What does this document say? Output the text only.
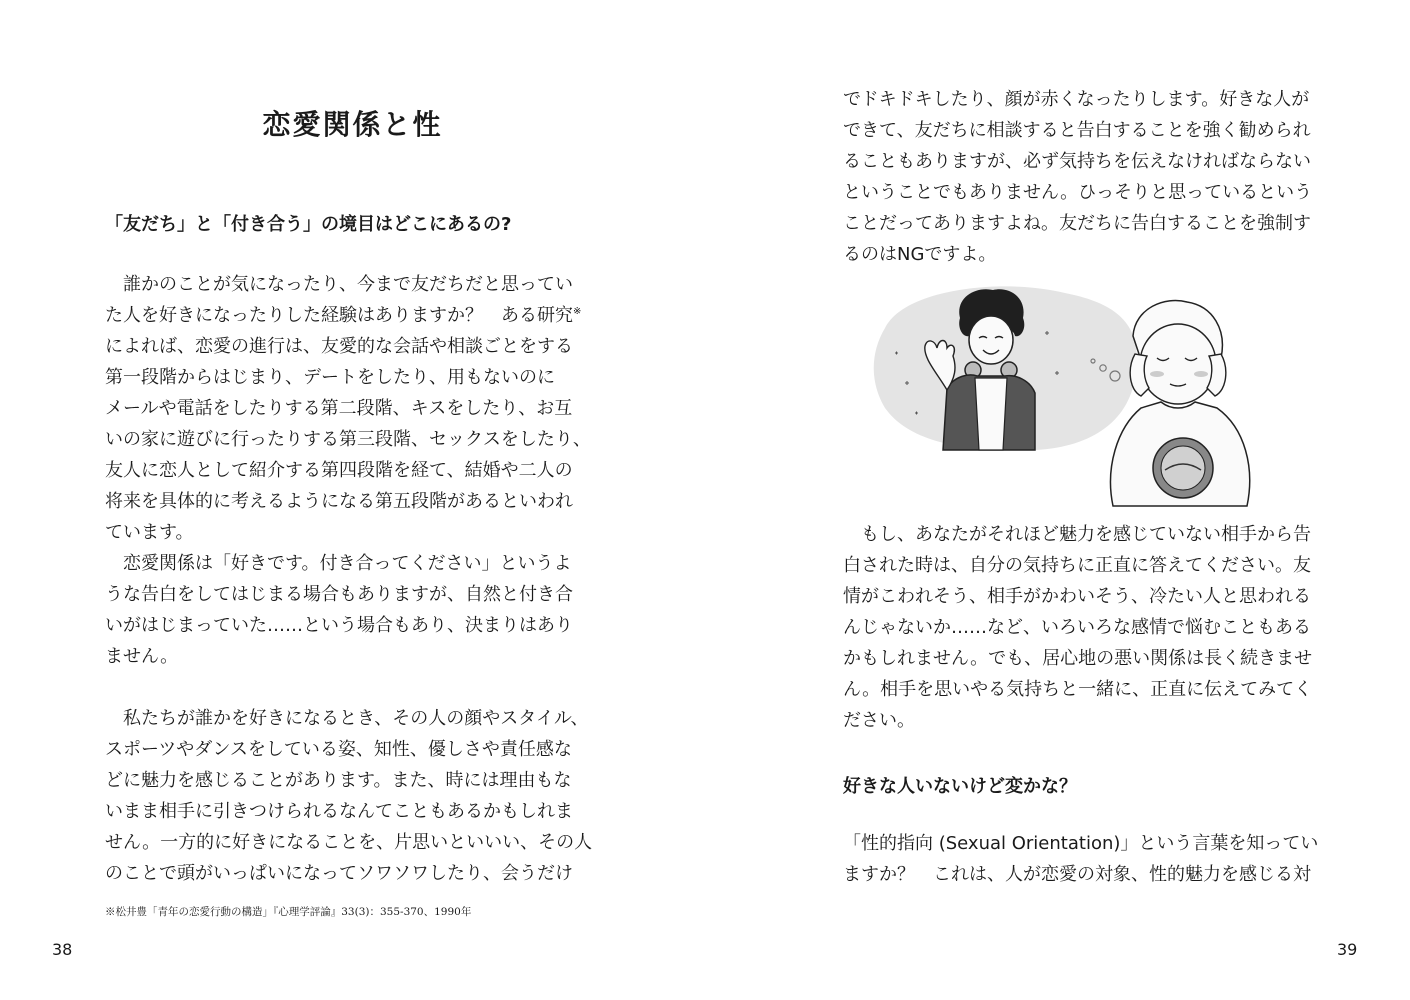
恋愛関係と性
「友だち」と「付き合う」の境目はどこにあるの?
　誰かのことが気になったり、今まで友だちだと思ってい
た人を好きになったりした経験はありますか？　ある研究※
によれば、恋愛の進行は、友愛的な会話や相談ごとをする
第一段階からはじまり、デートをしたり、用もないのに
メールや電話をしたりする第二段階、キスをしたり、お互
いの家に遊びに行ったりする第三段階、セックスをしたり、
友人に恋人として紹介する第四段階を経て、結婚や二人の
将来を具体的に考えるようになる第五段階があるといわれ
ています。
　恋愛関係は「好きです。付き合ってください」というよ
うな告白をしてはじまる場合もありますが、自然と付き合
いがはじまっていた……という場合もあり、決まりはあり
ません。
　私たちが誰かを好きになるとき、その人の顔やスタイル、
スポーツやダンスをしている姿、知性、優しさや責任感な
どに魅力を感じることがあります。また、時には理由もな
いまま相手に引きつけられるなんてこともあるかもしれま
せん。一方的に好きになることを、片思いといいい、その人
のことで頭がいっぱいになってソワソワしたり、会うだけ

※松井豊「青年の恋愛行動の構造」『心理学評論』33(3)：355-370、1990年

38

でドキドキしたり、顔が赤くなったりします。好きな人が
できて、友だちに相談すると告白することを強く勧められ
ることもありますが、必ず気持ちを伝えなければならない
ということでもありません。ひっそりと思っているという
ことだってありますよね。友だちに告白することを強制す
るのはNGですよ。
　もし、あなたがそれほど魅力を感じていない相手から告
白された時は、自分の気持ちに正直に答えてください。友
情がこわれそう、相手がかわいそう、冷たい人と思われる
んじゃないか……など、いろいろな感情で悩むこともある
かもしれません。でも、居心地の悪い関係は長く続きませ
ん。相手を思いやる気持ちと一緒に、正直に伝えてみてく
ださい。
好きな人いないけど変かな？
「性的指向 (Sexual Orientation)」という言葉を知ってい
ますか？　これは、人が恋愛の対象、性的魅力を感じる対

39
